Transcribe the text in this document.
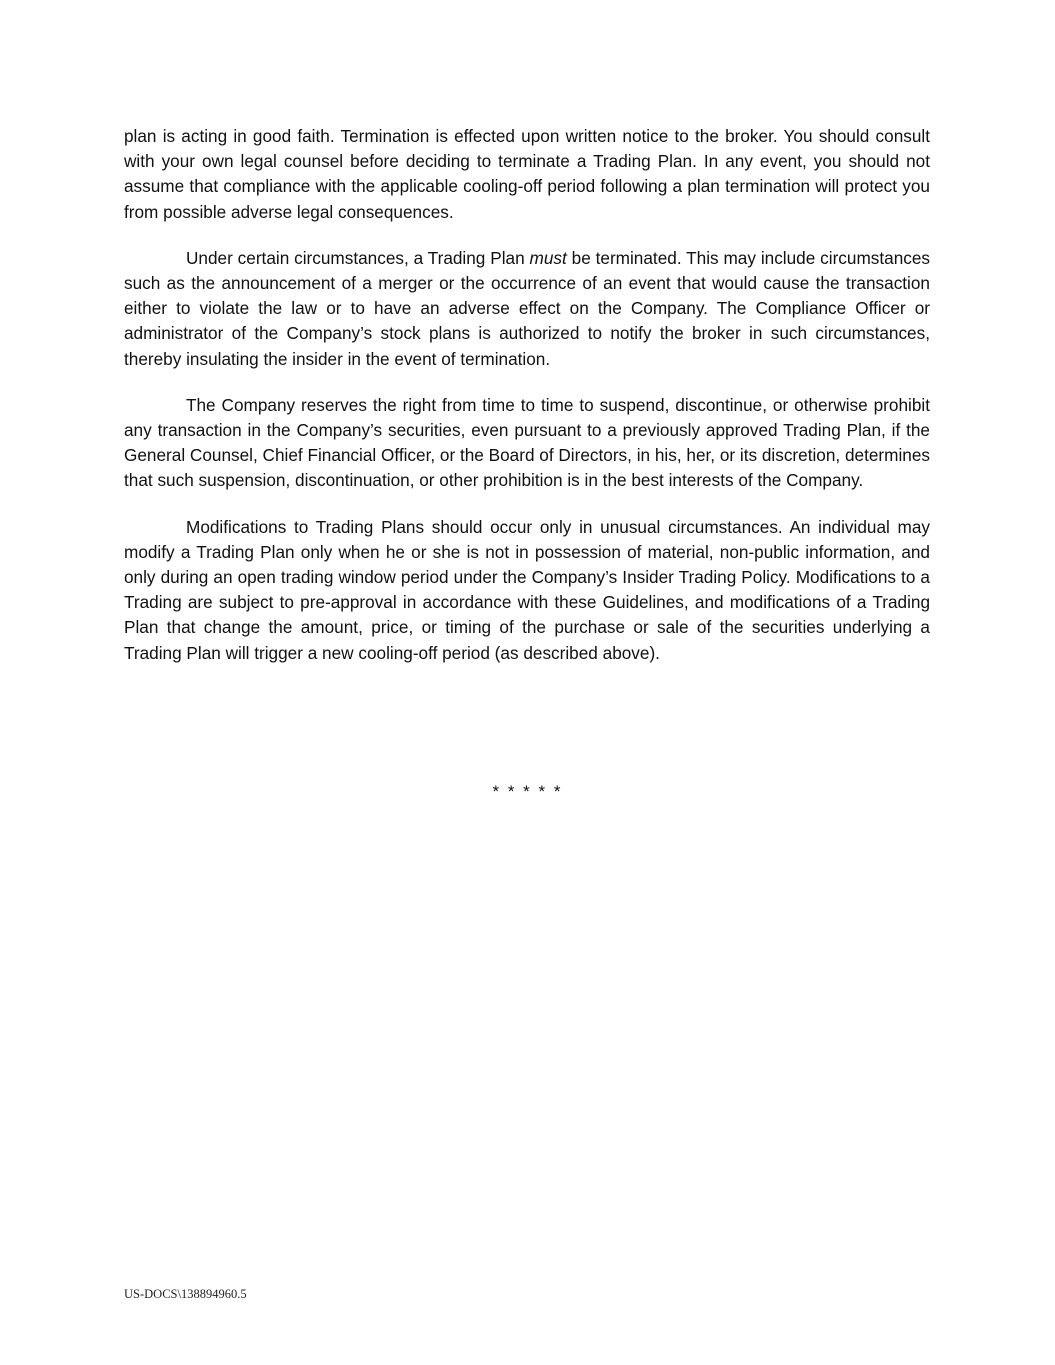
plan is acting in good faith. Termination is effected upon written notice to the broker. You should consult with your own legal counsel before deciding to terminate a Trading Plan. In any event, you should not assume that compliance with the applicable cooling-off period following a plan termination will protect you from possible adverse legal consequences.

Under certain circumstances, a Trading Plan must be terminated. This may include circumstances such as the announcement of a merger or the occurrence of an event that would cause the transaction either to violate the law or to have an adverse effect on the Company. The Compliance Officer or administrator of the Company’s stock plans is authorized to notify the broker in such circumstances, thereby insulating the insider in the event of termination.

The Company reserves the right from time to time to suspend, discontinue, or otherwise prohibit any transaction in the Company’s securities, even pursuant to a previously approved Trading Plan, if the General Counsel, Chief Financial Officer, or the Board of Directors, in his, her, or its discretion, determines that such suspension, discontinuation, or other prohibition is in the best interests of the Company.

Modifications to Trading Plans should occur only in unusual circumstances. An individual may modify a Trading Plan only when he or she is not in possession of material, non-public information, and only during an open trading window period under the Company’s Insider Trading Policy. Modifications to a Trading are subject to pre-approval in accordance with these Guidelines, and modifications of a Trading Plan that change the amount, price, or timing of the purchase or sale of the securities underlying a Trading Plan will trigger a new cooling-off period (as described above).

* * * * *
US-DOCS\138894960.5
